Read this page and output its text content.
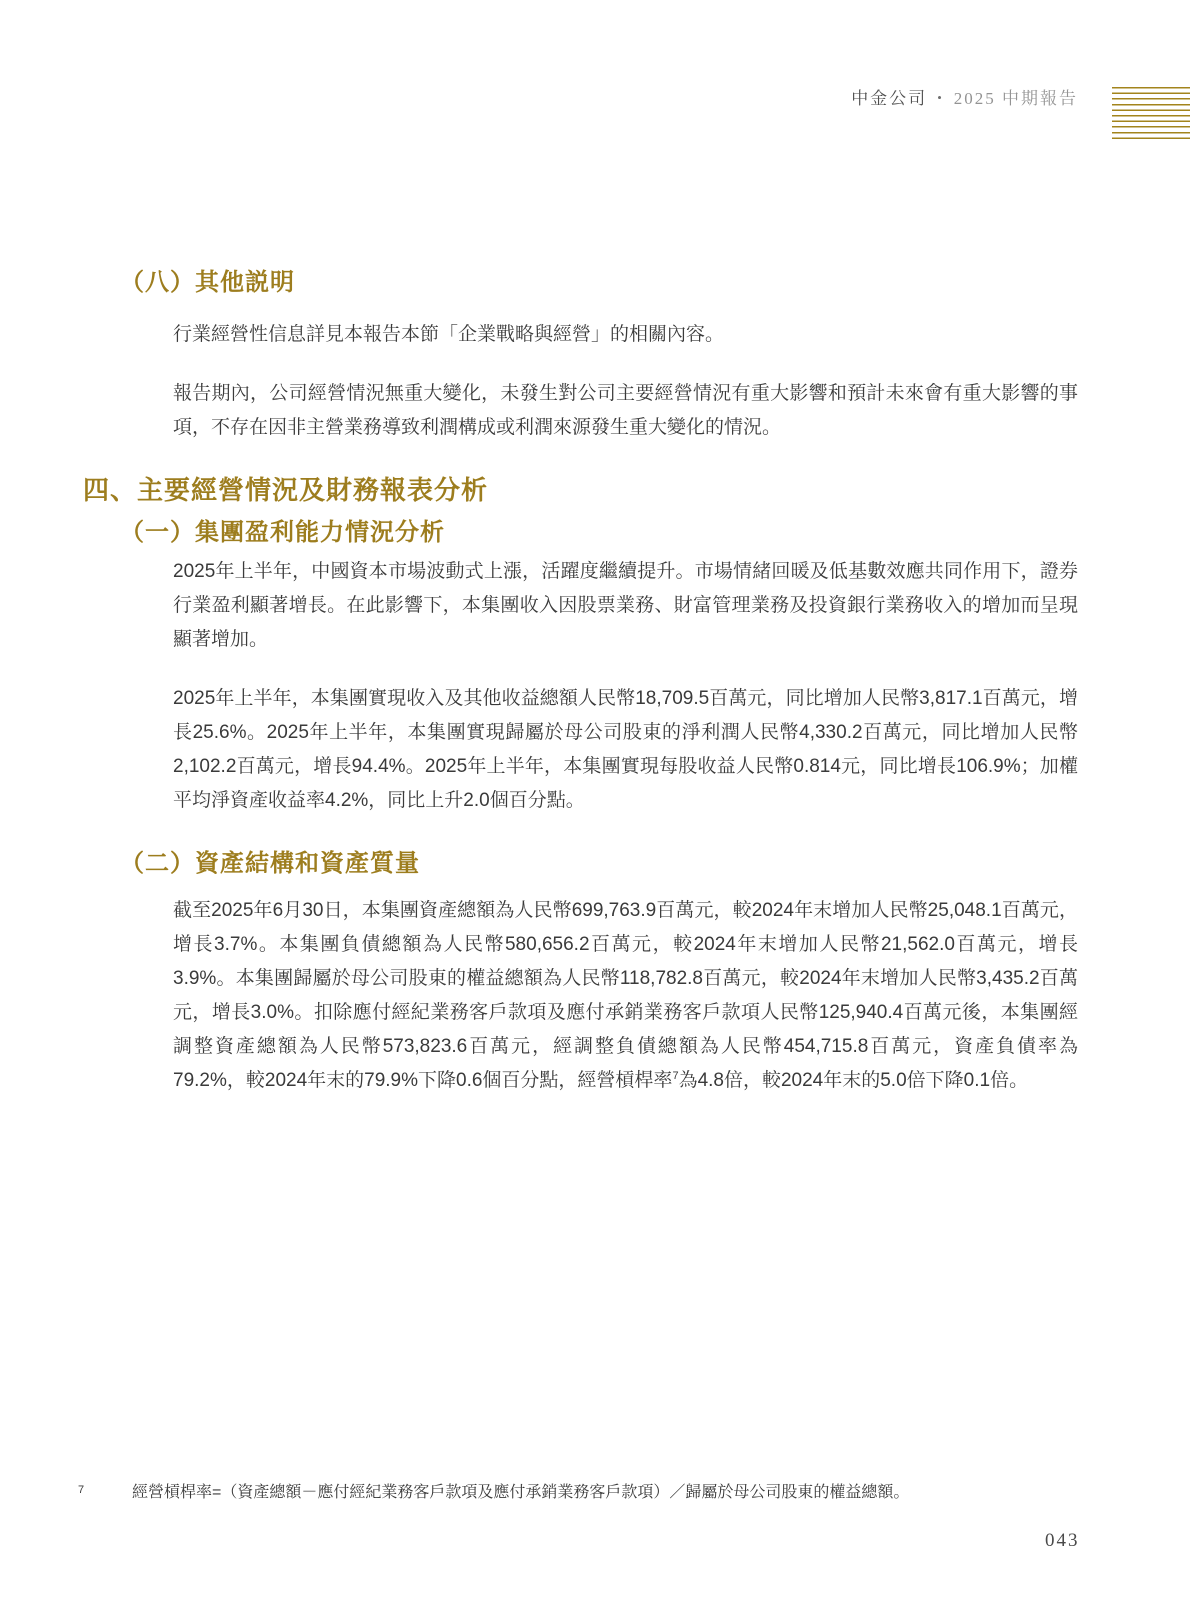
中金公司 • 2025 中期報告
（八）其他説明

行業經營性信息詳見本報告本節「企業戰略與經營」的相關內容。

報告期內，公司經營情況無重大變化，未發生對公司主要經營情況有重大影響和預計未來會有重大影響的事項，不存在因非主營業務導致利潤構成或利潤來源發生重大變化的情況。

四、主要經營情況及財務報表分析
（一）集團盈利能力情況分析

2025年上半年，中國資本市場波動式上漲，活躍度繼續提升。市場情緒回暖及低基數效應共同作用下，證券行業盈利顯著增長。在此影響下，本集團收入因股票業務、財富管理業務及投資銀行業務收入的增加而呈現顯著增加。

2025年上半年，本集團實現收入及其他收益總額人民幣18,709.5百萬元，同比增加人民幣3,817.1百萬元，增長25.6%。2025年上半年，本集團實現歸屬於母公司股東的淨利潤人民幣4,330.2百萬元，同比增加人民幣2,102.2百萬元，增長94.4%。2025年上半年，本集團實現每股收益人民幣0.814元，同比增長106.9%；加權平均淨資產收益率4.2%，同比上升2.0個百分點。

（二）資產結構和資產質量

截至2025年6月30日，本集團資產總額為人民幣699,763.9百萬元，較2024年末增加人民幣25,048.1百萬元，增長3.7%。本集團負債總額為人民幣580,656.2百萬元，較2024年末增加人民幣21,562.0百萬元，增長3.9%。本集團歸屬於母公司股東的權益總額為人民幣118,782.8百萬元，較2024年末增加人民幣3,435.2百萬元，增長3.0%。扣除應付經紀業務客戶款項及應付承銷業務客戶款項人民幣125,940.4百萬元後，本集團經調整資產總額為人民幣573,823.6百萬元，經調整負債總額為人民幣454,715.8百萬元，資產負債率為79.2%，較2024年末的79.9%下降0.6個百分點，經營槓桿率$^7$為4.8倍，較2024年末的5.0倍下降0.1倍。

7	經營槓桿率=（資產總額－應付經紀業務客戶款項及應付承銷業務客戶款項）／歸屬於母公司股東的權益總額。
043
